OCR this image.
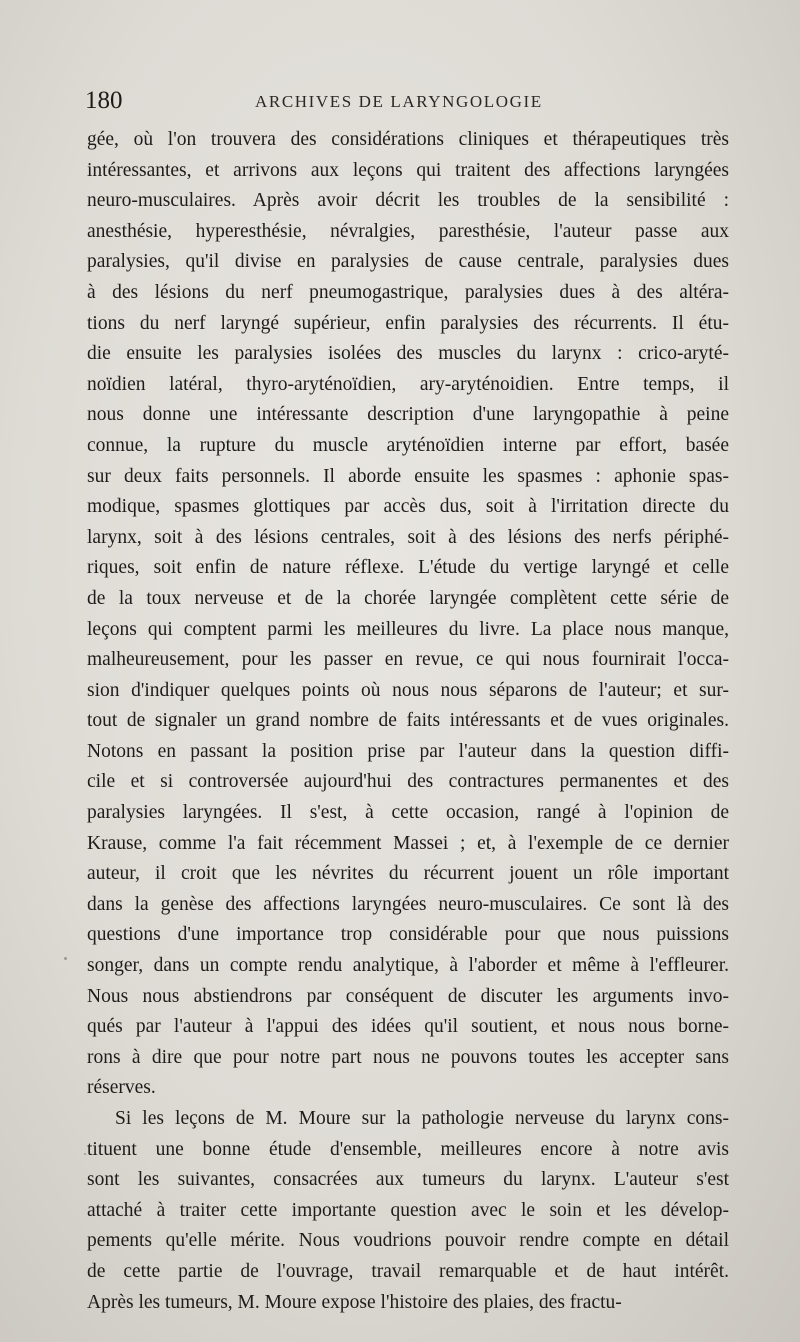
180	ARCHIVES DE LARYNGOLOGIE

gée, où l'on trouvera des considérations cliniques et thérapeutiques très
intéressantes, et arrivons aux leçons qui traitent des affections laryngées
neuro-musculaires. Après avoir décrit les troubles de la sensibilité :
anesthésie, hyperesthésie, névralgies, paresthésie, l'auteur passe aux
paralysies, qu'il divise en paralysies de cause centrale, paralysies dues
à des lésions du nerf pneumogastrique, paralysies dues à des altéra-
tions du nerf laryngé supérieur, enfin paralysies des récurrents. Il étu-
die ensuite les paralysies isolées des muscles du larynx : crico-aryté-
noïdien latéral, thyro-aryténoïdien, ary-aryténoidien. Entre temps, il
nous donne une intéressante description d'une laryngopathie à peine
connue, la rupture du muscle aryténoïdien interne par effort, basée
sur deux faits personnels. Il aborde ensuite les spasmes : aphonie spas-
modique, spasmes glottiques par accès dus, soit à l'irritation directe du
larynx, soit à des lésions centrales, soit à des lésions des nerfs périphé-
riques, soit enfin de nature réflexe. L'étude du vertige laryngé et celle
de la toux nerveuse et de la chorée laryngée complètent cette série de
leçons qui comptent parmi les meilleures du livre. La place nous manque,
malheureusement, pour les passer en revue, ce qui nous fournirait l'occa-
sion d'indiquer quelques points où nous nous séparons de l'auteur; et sur-
tout de signaler un grand nombre de faits intéressants et de vues originales.
Notons en passant la position prise par l'auteur dans la question diffi-
cile et si controversée aujourd'hui des contractures permanentes et des
paralysies laryngées. Il s'est, à cette occasion, rangé à l'opinion de
Krause, comme l'a fait récemment Massei ; et, à l'exemple de ce dernier
auteur, il croit que les névrites du récurrent jouent un rôle important
dans la genèse des affections laryngées neuro-musculaires. Ce sont là des
questions d'une importance trop considérable pour que nous puissions
songer, dans un compte rendu analytique, à l'aborder et même à l'effleurer.
Nous nous abstiendrons par conséquent de discuter les arguments invo-
qués par l'auteur à l'appui des idées qu'il soutient, et nous nous borne-
rons à dire que pour notre part nous ne pouvons toutes les accepter sans
réserves.

Si les leçons de M. Moure sur la pathologie nerveuse du larynx cons-
tituent une bonne étude d'ensemble, meilleures encore à notre avis
sont les suivantes, consacrées aux tumeurs du larynx. L'auteur s'est
attaché à traiter cette importante question avec le soin et les dévelop-
pements qu'elle mérite. Nous voudrions pouvoir rendre compte en détail
de cette partie de l'ouvrage, travail remarquable et de haut intérêt.
Après les tumeurs, M. Moure expose l'histoire des plaies, des fractu-
